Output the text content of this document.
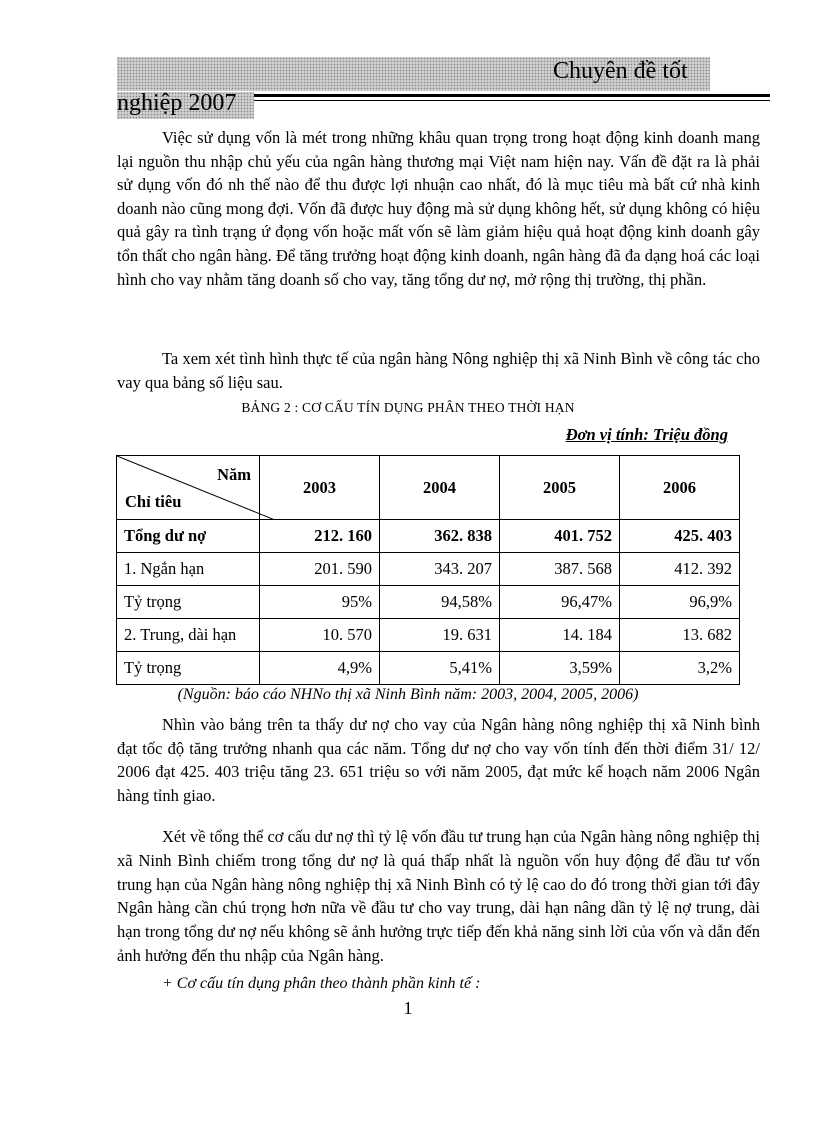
Chuyên đề tốt
nghiệp 2007

Việc sử dụng vốn là mét trong những khâu quan trọng trong hoạt động kinh doanh mang lại nguồn thu nhập chủ yếu của ngân hàng thương mại Việt nam hiện nay. Vấn đề đặt ra là phải sử dụng vốn đó nh thế nào để thu được lợi nhuận cao nhất, đó là mục tiêu mà bất cứ nhà kinh doanh nào cũng mong đợi. Vốn đã được huy động mà sử dụng không hết, sử dụng không có hiệu quả gây ra tình trạng ứ đọng vốn hoặc mất vốn sẽ làm giảm hiệu quả hoạt động kinh doanh gây tổn thất cho ngân hàng. Để tăng trưởng hoạt động kinh doanh, ngân hàng đã đa dạng hoá các loại hình cho vay nhằm tăng doanh số cho vay, tăng tổng dư nợ, mở rộng thị trường, thị phần.

Ta xem xét tình hình thực tế của ngân hàng Nông nghiệp thị xã Ninh Bình về công tác cho vay qua bảng số liệu sau.

BẢNG 2 : CƠ CẤU TÍN DỤNG PHÂN THEO THỜI HẠN
Đơn vị tính: Triệu đồng
Năm
Chỉ tiêu	2003	2004	2005	2006
Tổng dư nợ	212. 160	362. 838	401. 752	425. 403
1. Ngắn hạn	201. 590	343. 207	387. 568	412. 392
Tỷ trọng	95%	94,58%	96,47%	96,9%
2. Trung, dài hạn	10. 570	19. 631	14. 184	13. 682
Tỷ trọng	4,9%	5,41%	3,59%	3,2%
(Nguồn: báo cáo NHNo thị xã Ninh Bình năm: 2003, 2004, 2005, 2006)

Nhìn vào bảng trên ta thấy dư nợ cho vay của Ngân hàng nông nghiệp thị xã Ninh bình đạt tốc độ tăng trưởng nhanh qua các năm. Tổng dư nợ cho vay vốn tính đến thời điểm 31/ 12/ 2006 đạt 425. 403 triệu tăng 23. 651 triệu so với năm 2005, đạt mức kế hoạch năm 2006 Ngân hàng tỉnh giao.

Xét về tổng thể cơ cấu dư nợ thì tỷ lệ vốn đầu tư trung hạn của Ngân hàng nông nghiệp thị xã Ninh Bình chiếm trong tổng dư nợ là quá thấp nhất là nguồn vốn huy động để đầu tư vốn trung hạn của Ngân hàng nông nghiệp thị xã Ninh Bình có tỷ lệ cao do đó trong thời gian tới đây Ngân hàng cần chú trọng hơn nữa về đầu tư cho vay trung, dài hạn nâng dần tỷ lệ nợ trung, dài hạn trong tổng dư nợ nếu không sẽ ảnh hưởng trực tiếp đến khả năng sinh lời của vốn và dẫn đến ảnh hưởng đến thu nhập của Ngân hàng.

+ Cơ cấu tín dụng phân theo thành phần kinh tế :
1
